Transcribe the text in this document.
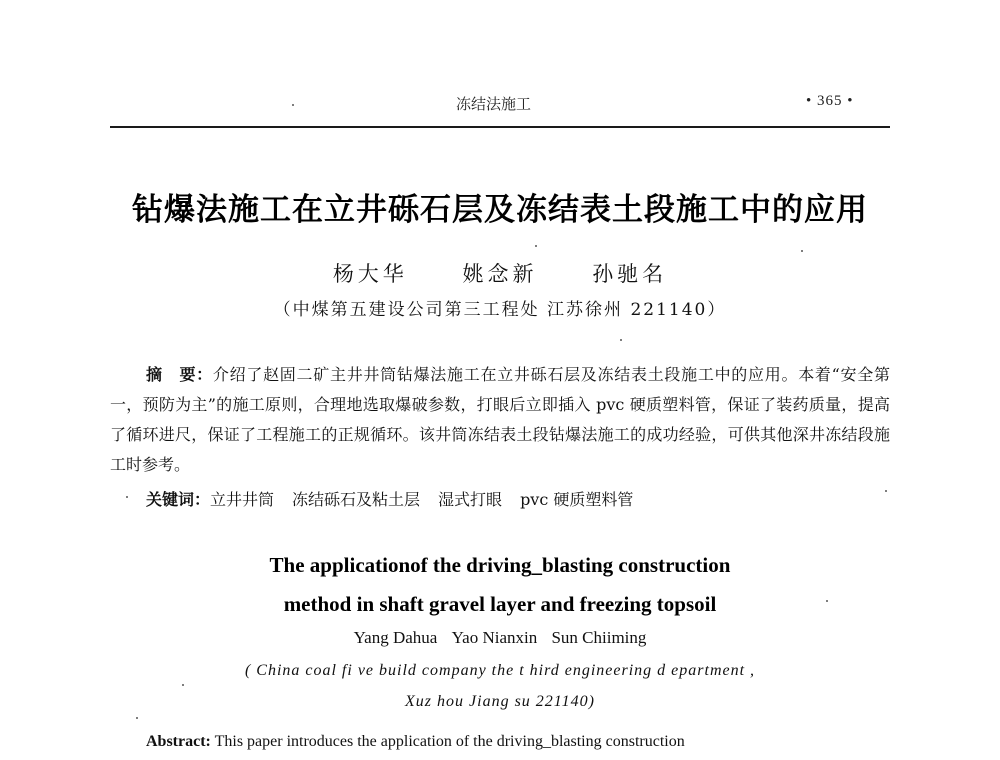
冻结法施工	• 365 •
钻爆法施工在立井砾石层及冻结表土段施工中的应用
杨大华	姚念新	孙驰名
（中煤第五建设公司第三工程处 江苏徐州 221140）
摘　要：介绍了赵固二矿主井井筒钻爆法施工在立井砾石层及冻结表土段施工中的应用。本着“安全第一，预防为主”的施工原则，合理地选取爆破参数，打眼后立即插入 pvc 硬质塑料管，保证了装药质量，提高了循环进尺，保证了工程施工的正规循环。该井筒冻结表土段钻爆法施工的成功经验，可供其他深井冻结段施工时参考。
关键词：立井井筒 冻结砾石及粘土层 湿式打眼 pvc 硬质塑料管
The applicationof the driving_blasting construction
method in shaft gravel layer and freezing topsoil
Yang Dahua Yao Nianxin Sun Chiiming
( China coal fi ve build company the t hird engineering d epartment ,
Xuz hou Jiang su 221140)
Abstract: This paper introduces the application of the driving_blasting construction
